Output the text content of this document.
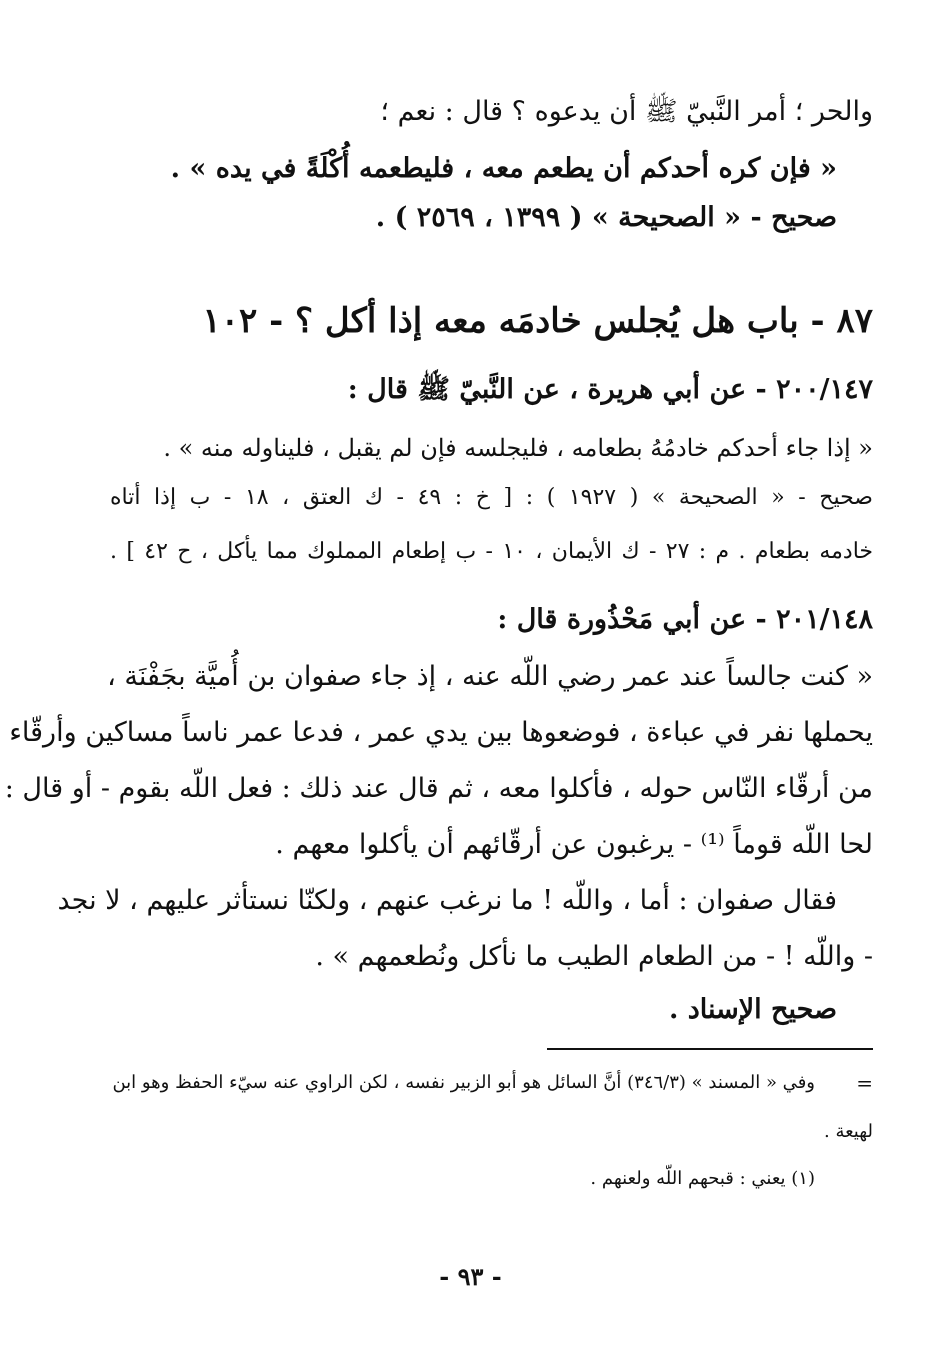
والحر ؛ أمر النَّبيّ ﷺ أن يدعوه ؟ قال : نعم ؛
« فإن كره أحدكم أن يطعم معه ، فليطعمه أُكْلَةً في يده » .
صحيح - « الصحيحة » ( ١٣٩٩ ، ٢٥٦٩ ) .
٨٧ - باب هل يُجلس خادمَه معه إذا أكل ؟ - ١٠٢
٢٠٠/١٤٧ - عن أبي هريرة ، عن النَّبيّ ﷺ قال :
« إذا جاء أحدكم خادمُهُ بطعامه ، فليجلسه فإن لم يقبل ، فليناوله منه » .
صحيح - « الصحيحة » ( ١٩٢٧ ) : [ خ : ٤٩ - ك العتق ، ١٨ - ب إذا أتاه
خادمه بطعام . م : ٢٧ - ك الأيمان ، ١٠ - ب إطعام المملوك مما يأكل ، ح ٤٢ ] .
٢٠١/١٤٨ - عن أبي مَحْذُورة قال :
« كنت جالساً عند عمر رضي اللّه عنه ، إذ جاء صفوان بن أُميَّة بجَفْنَة ،
يحملها نفر في عباءة ، فوضعوها بين يدي عمر ، فدعا عمر ناساً مساكين وأرقّاء
من أرقّاء النّاس حوله ، فأكلوا معه ، ثم قال عند ذلك : فعل اللّه بقوم - أو قال :
لحا اللّه قوماً ⁽¹⁾ - يرغبون عن أرقّائهم أن يأكلوا معهم .
فقال صفوان : أما ، واللّه ! ما نرغب عنهم ، ولكنّا نستأثر عليهم ، لا نجد
- واللّه ! - من الطعام الطيب ما نأكل ونُطعمهم » .
صحيح الإسناد .
=
وفي « المسند » (٣٤٦/٣) أنَّ السائل هو أبو الزبير نفسه ، لكن الراوي عنه سيّء الحفظ وهو ابن
لهيعة .
(١) يعني : قبحهم اللّه ولعنهم .
- ٩٣ -
